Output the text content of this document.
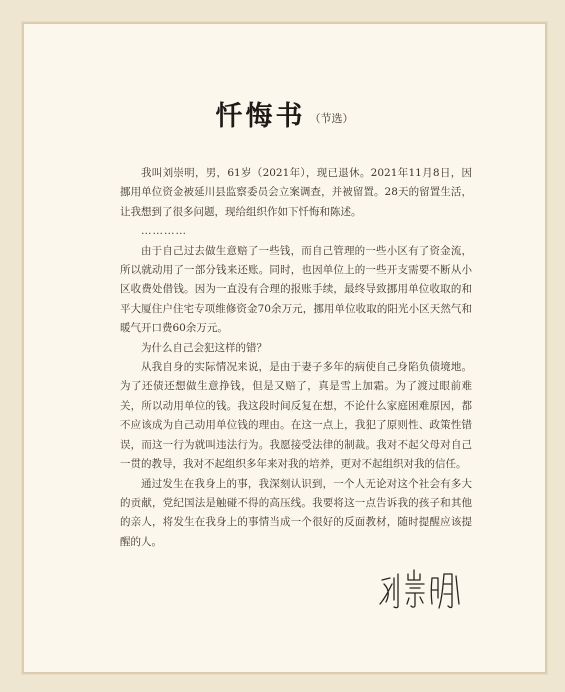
忏悔书 （节选）

我叫刘崇明，男，61岁（2021年），现已退休。2021年11月8日，因挪用单位资金被延川县监察委员会立案调查，并被留置。28天的留置生活，让我想到了很多问题，现给组织作如下忏悔和陈述。

…………

由于自己过去做生意赔了一些钱，而自己管理的一些小区有了资金流，所以就动用了一部分钱来还账。同时，也因单位上的一些开支需要不断从小区收费处借钱。因为一直没有合理的报账手续，最终导致挪用单位收取的和平大厦住户住宅专项维修资金70余万元，挪用单位收取的阳光小区天然气和暖气开口费60余万元。

为什么自己会犯这样的错？

从我自身的实际情况来说，是由于妻子多年的病使自己身陷负债境地。为了还债还想做生意挣钱，但是又赔了，真是雪上加霜。为了渡过眼前难关，所以动用单位的钱。我这段时间反复在想，不论什么家庭困难原因，都不应该成为自己动用单位钱的理由。在这一点上，我犯了原则性、政策性错误，而这一行为就叫违法行为。我愿接受法律的制裁。我对不起父母对自己一贯的教导，我对不起组织多年来对我的培养，更对不起组织对我的信任。

通过发生在我身上的事，我深刻认识到，一个人无论对这个社会有多大的贡献，党纪国法是触碰不得的高压线。我要将这一点告诉我的孩子和其他的亲人，将发生在我身上的事情当成一个很好的反面教材，随时提醒应该提醒的人。
